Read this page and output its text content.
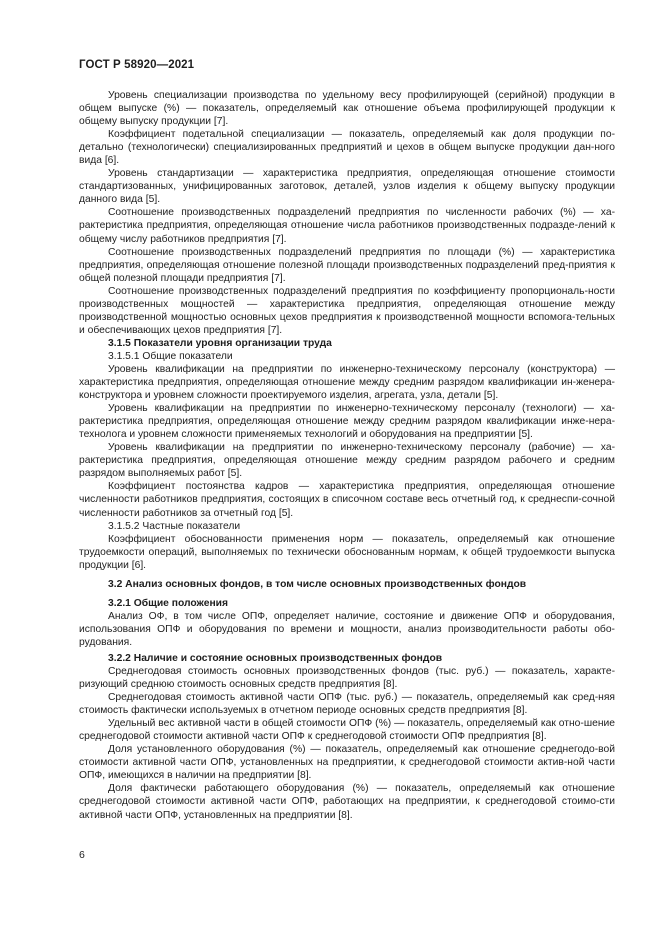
ГОСТ Р 58920—2021

Уровень специализации производства по удельному весу профилирующей (серийной) продукции в общем выпуске (%) — показатель, определяемый как отношение объема профилирующей продукции к общему выпуску продукции [7].

Коэффициент подетальной специализации — показатель, определяемый как доля продукции по-детально (технологически) специализированных предприятий и цехов в общем выпуске продукции дан-ного вида [6].

Уровень стандартизации — характеристика предприятия, определяющая отношение стоимости стандартизованных, унифицированных заготовок, деталей, узлов изделия к общему выпуску продукции данного вида [5].

Соотношение производственных подразделений предприятия по численности рабочих (%) — ха-рактеристика предприятия, определяющая отношение числа работников производственных подразде-лений к общему числу работников предприятия [7].

Соотношение производственных подразделений предприятия по площади (%) — характеристика предприятия, определяющая отношение полезной площади производственных подразделений пред-приятия к общей полезной площади предприятия [7].

Соотношение производственных подразделений предприятия по коэффициенту пропорциональ-ности производственных мощностей — характеристика предприятия, определяющая отношение между производственной мощностью основных цехов предприятия к производственной мощности вспомога-тельных и обеспечивающих цехов предприятия [7].

3.1.5 Показатели уровня организации труда

3.1.5.1 Общие показатели

Уровень квалификации на предприятии по инженерно-техническому персоналу (конструктора) — характеристика предприятия, определяющая отношение между средним разрядом квалификации ин-женера-конструктора и уровнем сложности проектируемого изделия, агрегата, узла, детали [5].

Уровень квалификации на предприятии по инженерно-техническому персоналу (технологи) — ха-рактеристика предприятия, определяющая отношение между средним разрядом квалификации инже-нера-технолога и уровнем сложности применяемых технологий и оборудования на предприятии [5].

Уровень квалификации на предприятии по инженерно-техническому персоналу (рабочие) — ха-рактеристика предприятия, определяющая отношение между средним разрядом рабочего и средним разрядом выполняемых работ [5].

Коэффициент постоянства кадров — характеристика предприятия, определяющая отношение численности работников предприятия, состоящих в списочном составе весь отчетный год, к среднеспи-сочной численности работников за отчетный год [5].

3.1.5.2 Частные показатели

Коэффициент обоснованности применения норм — показатель, определяемый как отношение трудоемкости операций, выполняемых по технически обоснованным нормам, к общей трудоемкости выпуска продукции [6].

3.2 Анализ основных фондов, в том числе основных производственных фондов

3.2.1 Общие положения

Анализ ОФ, в том числе ОПФ, определяет наличие, состояние и движение ОПФ и оборудования, использования ОПФ и оборудования по времени и мощности, анализ производительности работы обо-рудования.

3.2.2 Наличие и состояние основных производственных фондов

Среднегодовая стоимость основных производственных фондов (тыс. руб.) — показатель, характе-ризующий среднюю стоимость основных средств предприятия [8].

Среднегодовая стоимость активной части ОПФ (тыс. руб.) — показатель, определяемый как сред-няя стоимость фактически используемых в отчетном периоде основных средств предприятия [8].

Удельный вес активной части в общей стоимости ОПФ (%) — показатель, определяемый как отно-шение среднегодовой стоимости активной части ОПФ к среднегодовой стоимости ОПФ предприятия [8].

Доля установленного оборудования (%) — показатель, определяемый как отношение среднегодо-вой стоимости активной части ОПФ, установленных на предприятии, к среднегодовой стоимости актив-ной части ОПФ, имеющихся в наличии на предприятии [8].

Доля фактически работающего оборудования (%) — показатель, определяемый как отношение среднегодовой стоимости активной части ОПФ, работающих на предприятии, к среднегодовой стоимо-сти активной части ОПФ, установленных на предприятии [8].

6
